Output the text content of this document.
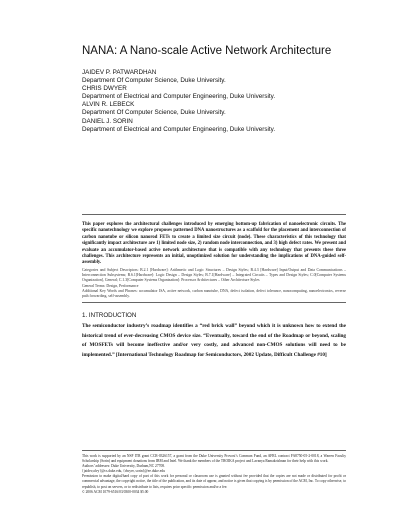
NANA: A Nano-scale Active Network Architecture
JAIDEV P. PATWARDHAN
Department Of Computer Science, Duke University.
CHRIS DWYER
Department of Electrical and Computer Engineering, Duke University.
ALVIN R. LEBECK
Department Of Computer Science, Duke University.
DANIEL J. SORIN
Department of Electrical and Computer Engineering, Duke University.
This paper explores the architectural challenges introduced by emerging bottom-up fabrication of nanoelectronic circuits. The specific nanotechnology we explore proposes patterned DNA nanostructures as a scaffold for the placement and interconnection of carbon nanotube or silicon nanorod FETs to create a limited size circuit (node). These characteristics of this technology that significantly impact architecture are 1) limited node size, 2) random node interconnection, and 3) high defect rates. We present and evaluate an accumulator-based active network architecture that is compatible with any technology that presents these three challenges. This architecture represents an initial, unoptimized solution for understanding the implications of DNA-guided self-assembly.
Categories and Subject Descriptors: B.2.1 [Hardware]: Arithmetic and Logic Structures – Design Styles; B.4.3 [Hardware] Input/Output and Data Communications – Interconnection Subsystems; B.6.1[Hardware]: Logic Design – Design Styles; B.7.1[Hardware] – Integrated Circuits – Types and Design Styles; C.0[Computer Systems Organization], General; C.1.3[Computer Systems Organization]: Processor Architectures – Other Architecture Styles
General Terms: Design, Performance
Additional Key Words and Phrases: accumulator ISA, active network, carbon nanotube, DNA, defect isolation, defect tolerance, nanocomputing, nanoelectronics, reverse path forwarding, self-assembly.
1. INTRODUCTION
The semiconductor industry’s roadmap identifies a “red brick wall” beyond which it is unknown how to extend the historical trend of ever-decreasing CMOS device size. “Eventually, toward the end of the Roadmap or beyond, scaling of MOSFETs will become ineffective and/or very costly, and advanced non-CMOS solutions will need to be implemented.” [International Technology Roadmap for Semiconductors, 2002 Update, Difficult Challenge #10]
This work is supported by an NSF ITR grant CCR-0326157, a grant from the Duke University Provost’s Common Fund, an AFRL contract FA8750-05-2-0018, a Warren Faculty Scholarship (Sorin) and equipment donations from IBM and Intel. We thank the members of the TROIKA project and Lavanya Ramakrishnan for their help with this work.
Authors’ addresses: Duke University, Durham,NC 27708.
{jaidev,alvy}@cs.duke.edu, {dwyer, sorin}@ee.duke.edu
Permission to make digital/hard copy of part of this work for personal or classroom use is granted without fee provided that the copies are not made or distributed for profit or commercial advantage, the copyright notice, the title of the publication, and its date of appear, and notice is given that copying is by permission of the ACM, Inc. To copy otherwise, to republish, to post on servers, or to redistribute to lists, requires prior specific permission and/or a fee.
© 2006 ACM 1079-6516/03/0300-0034 $5.00
